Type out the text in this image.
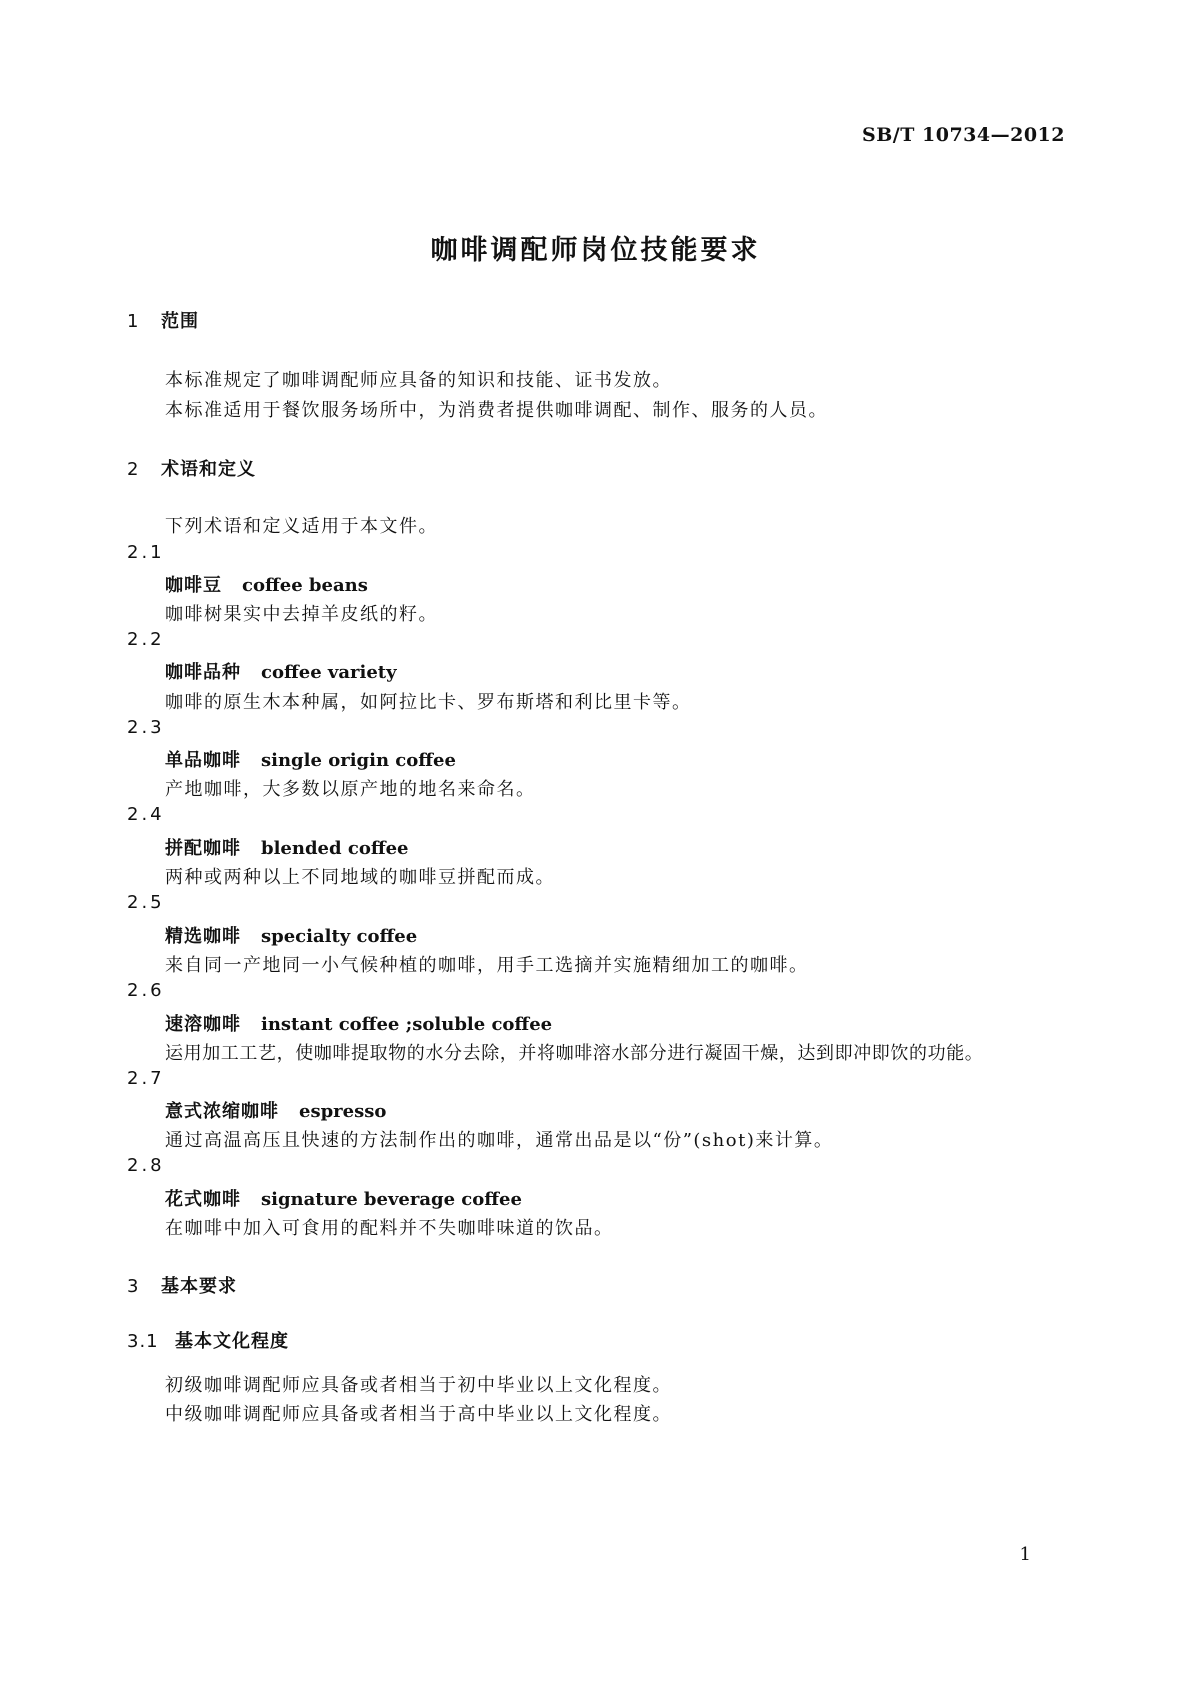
SB/T 10734—2012
咖啡调配师岗位技能要求
1 范围
本标准规定了咖啡调配师应具备的知识和技能、证书发放。
本标准适用于餐饮服务场所中，为消费者提供咖啡调配、制作、服务的人员。
2 术语和定义
下列术语和定义适用于本文件。
2.1
咖啡豆 coffee beans
咖啡树果实中去掉羊皮纸的籽。
2.2
咖啡品种 coffee variety
咖啡的原生木本种属，如阿拉比卡、罗布斯塔和利比里卡等。
2.3
单品咖啡 single origin coffee
产地咖啡，大多数以原产地的地名来命名。
2.4
拼配咖啡 blended coffee
两种或两种以上不同地域的咖啡豆拼配而成。
2.5
精选咖啡 specialty coffee
来自同一产地同一小气候种植的咖啡，用手工选摘并实施精细加工的咖啡。
2.6
速溶咖啡 instant coffee ;soluble coffee
运用加工工艺，使咖啡提取物的水分去除，并将咖啡溶水部分进行凝固干燥，达到即冲即饮的功能。
2.7
意式浓缩咖啡 espresso
通过高温高压且快速的方法制作出的咖啡，通常出品是以“份”(shot)来计算。
2.8
花式咖啡 signature beverage coffee
在咖啡中加入可食用的配料并不失咖啡味道的饮品。
3 基本要求
3.1 基本文化程度
初级咖啡调配师应具备或者相当于初中毕业以上文化程度。
中级咖啡调配师应具备或者相当于高中毕业以上文化程度。
1
